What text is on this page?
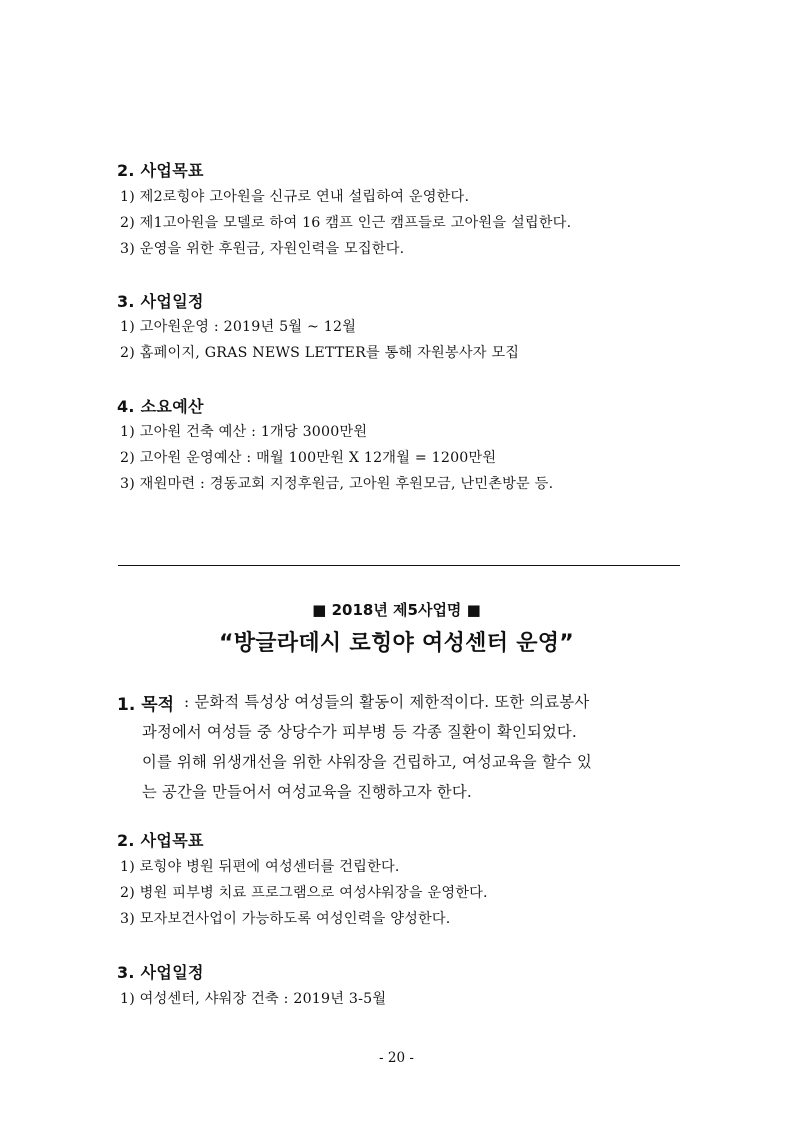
2. 사업목표
1) 제2로힝야 고아원을 신규로 연내 설립하여 운영한다.
2) 제1고아원을 모델로 하여 16 캠프 인근 캠프들로 고아원을 설립한다.
3) 운영을 위한 후원금, 자원인력을 모집한다.
3. 사업일정
1) 고아원운영 : 2019년 5월 ~ 12월
2) 홈페이지, GRAS NEWS LETTER를 통해 자원봉사자 모집
4. 소요예산
1) 고아원 건축 예산 : 1개당 3000만원
2) 고아원 운영예산 : 매월 100만원 X 12개월 = 1200만원
3) 재원마련 : 경동교회 지정후원금, 고아원 후원모금, 난민촌방문 등.
■ 2018년 제5사업명 ■
“방글라데시 로힝야 여성센터 운영”
1. 목적 : 문화적 특성상 여성들의 활동이 제한적이다. 또한 의료봉사
과정에서 여성들 중 상당수가 피부병 등 각종 질환이 확인되었다.
이를 위해 위생개선을 위한 샤워장을 건립하고, 여성교육을 할수 있
는 공간을 만들어서 여성교육을 진행하고자 한다.
2. 사업목표
1) 로힝야 병원 뒤편에 여성센터를 건립한다.
2) 병원 피부병 치료 프로그램으로 여성샤워장을 운영한다.
3) 모자보건사업이 가능하도록 여성인력을 양성한다.
3. 사업일정
1) 여성센터, 샤워장 건축 : 2019년 3-5월
- 20 -
